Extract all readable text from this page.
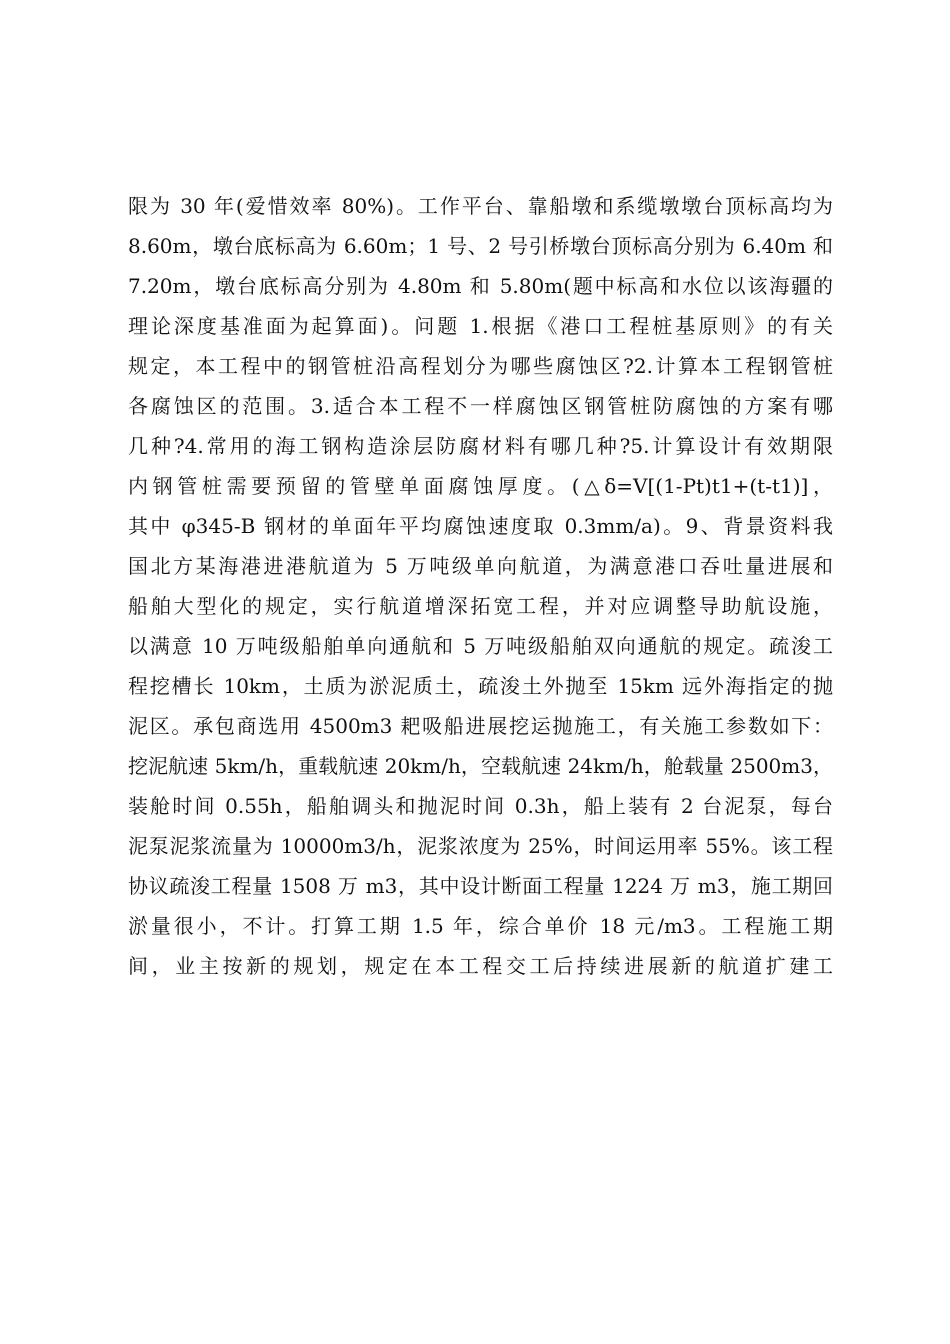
限为 30 年(爱惜效率 80%)。工作平台、靠船墩和系缆墩墩台顶标高均为
8.60m，墩台底标高为 6.60m；1 号、2 号引桥墩台顶标高分别为 6.40m 和
7.20m，墩台底标高分别为 4.80m 和 5.80m(题中标高和水位以该海疆的
理论深度基准面为起算面)。问题 1.根据《港口工程桩基原则》的有关
规定，本工程中的钢管桩沿高程划分为哪些腐蚀区?2.计算本工程钢管桩
各腐蚀区的范围。3.适合本工程不一样腐蚀区钢管桩防腐蚀的方案有哪
几种?4.常用的海工钢构造涂层防腐材料有哪几种?5.计算设计有效期限
内钢管桩需要预留的管壁单面腐蚀厚度。(△δ=V[(1-Pt)t1+(t-t1)]，
其中 φ345-B 钢材的单面年平均腐蚀速度取 0.3mm/a)。9、背景资料我
国北方某海港进港航道为 5 万吨级单向航道，为满意港口吞吐量进展和
船舶大型化的规定，实行航道增深拓宽工程，并对应调整导助航设施，
以满意 10 万吨级船舶单向通航和 5 万吨级船舶双向通航的规定。疏浚工
程挖槽长 10km，土质为淤泥质土，疏浚土外抛至 15km 远外海指定的抛
泥区。承包商选用 4500m3 耙吸船进展挖运抛施工，有关施工参数如下：
挖泥航速 5km/h，重载航速 20km/h，空载航速 24km/h，舱载量 2500m3，
装舱时间 0.55h，船舶调头和抛泥时间 0.3h，船上装有 2 台泥泵，每台
泥泵泥浆流量为 10000m3/h，泥浆浓度为 25%，时间运用率 55%。该工程
协议疏浚工程量 1508 万 m3，其中设计断面工程量 1224 万 m3，施工期回
淤量很小，不计。打算工期 1.5 年，综合单价 18 元/m3。工程施工期
间，业主按新的规划，规定在本工程交工后持续进展新的航道扩建工
